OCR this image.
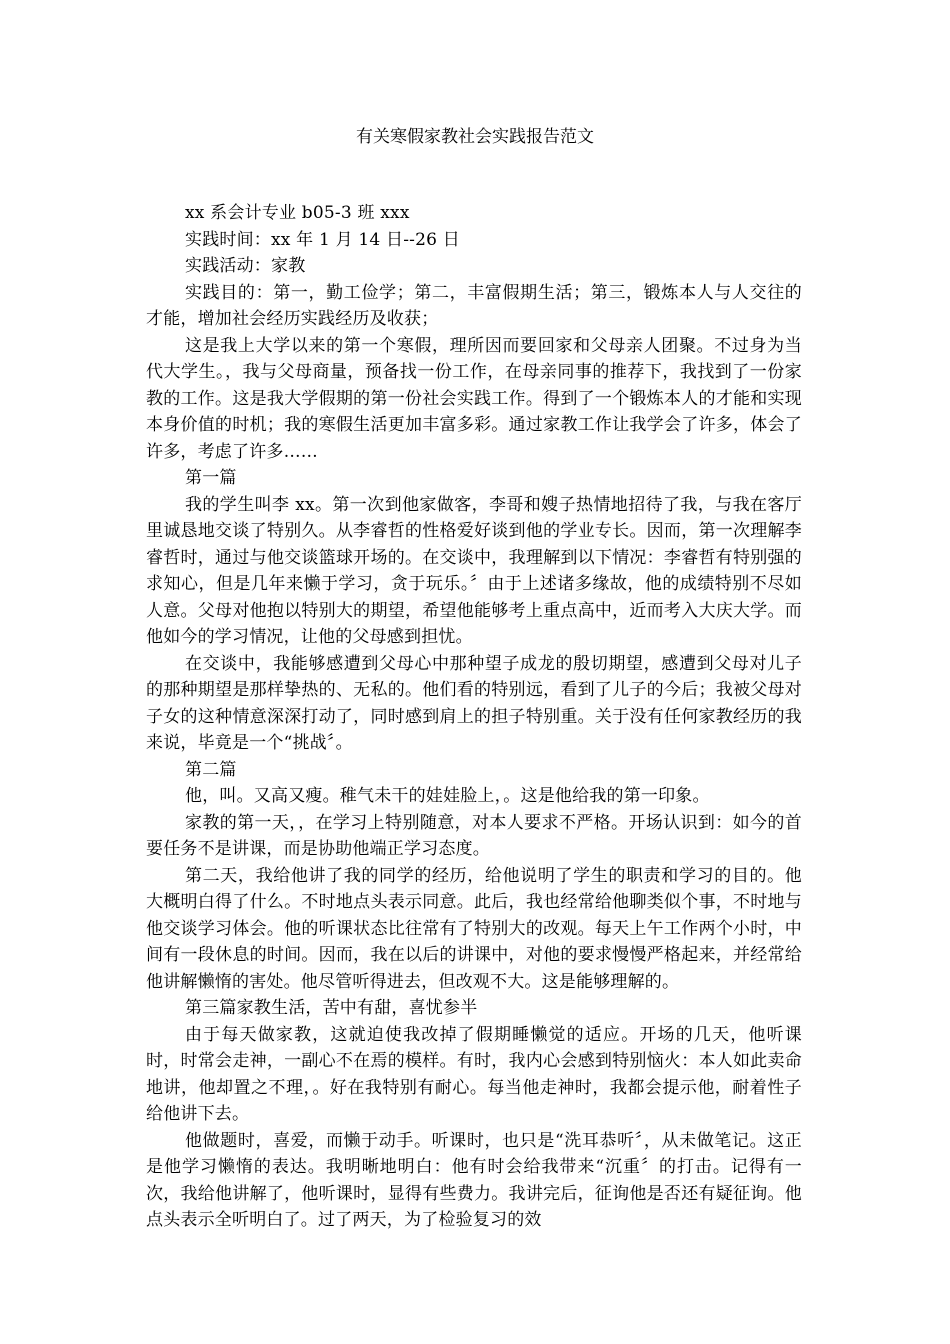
有关寒假家教社会实践报告范文

xx 系会计专业 b05-3 班 xxx

实践时间：xx 年 1 月 14 日--26 日

实践活动：家教

实践目的：第一，勤工俭学；第二，丰富假期生活；第三，锻炼本人与人交往的才能，增加社会经历实践经历及收获；

这是我上大学以来的第一个寒假，理所因而要回家和父母亲人团聚。不过身为当代大学生。，我与父母商量，预备找一份工作，在母亲同事的推荐下，我找到了一份家教的工作。这是我大学假期的第一份社会实践工作。得到了一个锻炼本人的才能和实现本身价值的时机；我的寒假生活更加丰富多彩。通过家教工作让我学会了许多，体会了许多，考虑了许多……

第一篇

我的学生叫李 xx。第一次到他家做客，李哥和嫂子热情地招待了我，与我在客厅里诚恳地交谈了特别久。从李睿哲的性格爱好谈到他的学业专长。因而，第一次理解李睿哲时，通过与他交谈篮球开场的。在交谈中，我理解到以下情况：李睿哲有特别强的求知心，但是几年来懒于学习，贪于玩乐。〞由于上述诸多缘故，他的成绩特别不尽如人意。父母对他抱以特别大的期望，希望他能够考上重点高中，近而考入大庆大学。而他如今的学习情况，让他的父母感到担忧。

在交谈中，我能够感遭到父母心中那种望子成龙的殷切期望，感遭到父母对儿子的那种期望是那样挚热的、无私的。他们看的特别远，看到了儿子的今后；我被父母对子女的这种情意深深打动了，同时感到肩上的担子特别重。关于没有任何家教经历的我来说，毕竟是一个“挑战〞。

第二篇

他，叫。又高又瘦。稚气未干的娃娃脸上，。这是他给我的第一印象。

家教的第一天，，在学习上特别随意，对本人要求不严格。开场认识到：如今的首要任务不是讲课，而是协助他端正学习态度。

第二天，我给他讲了我的同学的经历，给他说明了学生的职责和学习的目的。他大概明白得了什么。不时地点头表示同意。此后，我也经常给他聊类似个事，不时地与他交谈学习体会。他的听课状态比往常有了特别大的改观。每天上午工作两个小时，中间有一段休息的时间。因而，我在以后的讲课中，对他的要求慢慢严格起来，并经常给他讲解懒惰的害处。他尽管听得进去，但改观不大。这是能够理解的。

第三篇家教生活，苦中有甜，喜忧参半

由于每天做家教，这就迫使我改掉了假期睡懒觉的适应。开场的几天，他听课时，时常会走神，一副心不在焉的模样。有时，我内心会感到特别恼火：本人如此卖命地讲，他却置之不理，。好在我特别有耐心。每当他走神时，我都会提示他，耐着性子给他讲下去。

他做题时，喜爱，而懒于动手。听课时，也只是“洗耳恭听〞，从未做笔记。这正是他学习懒惰的表达。我明晰地明白：他有时会给我带来“沉重〞的打击。记得有一次，我给他讲解了，他听课时，显得有些费力。我讲完后，征询他是否还有疑征询。他点头表示全听明白了。过了两天，为了检验复习的效
